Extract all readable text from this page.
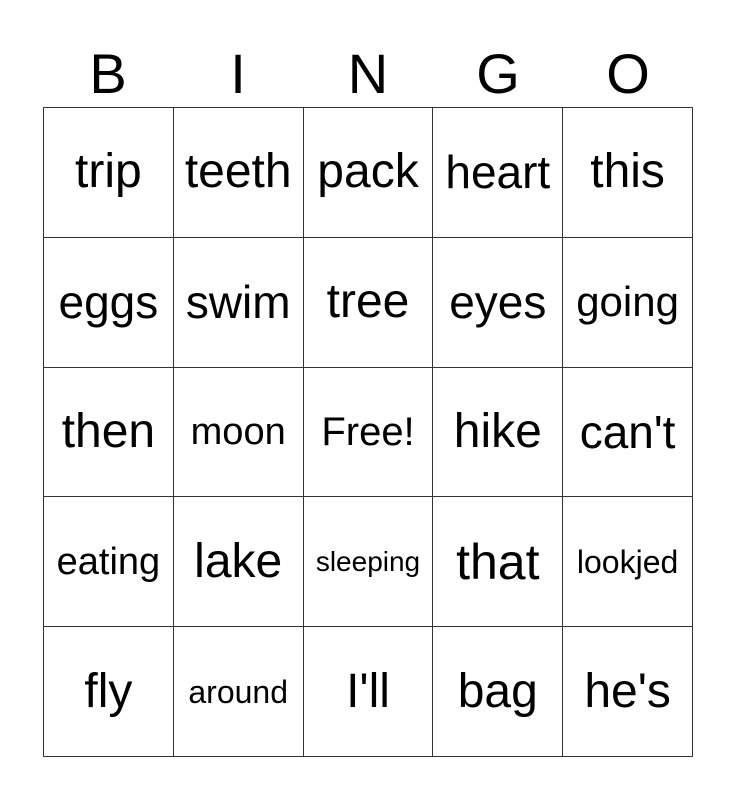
B	I	N	G	O
trip teeth pack heart this
eggs swim tree eyes going
then moon Free! hike can't
eating lake sleeping that lookjed
fly around I'll bag he's
